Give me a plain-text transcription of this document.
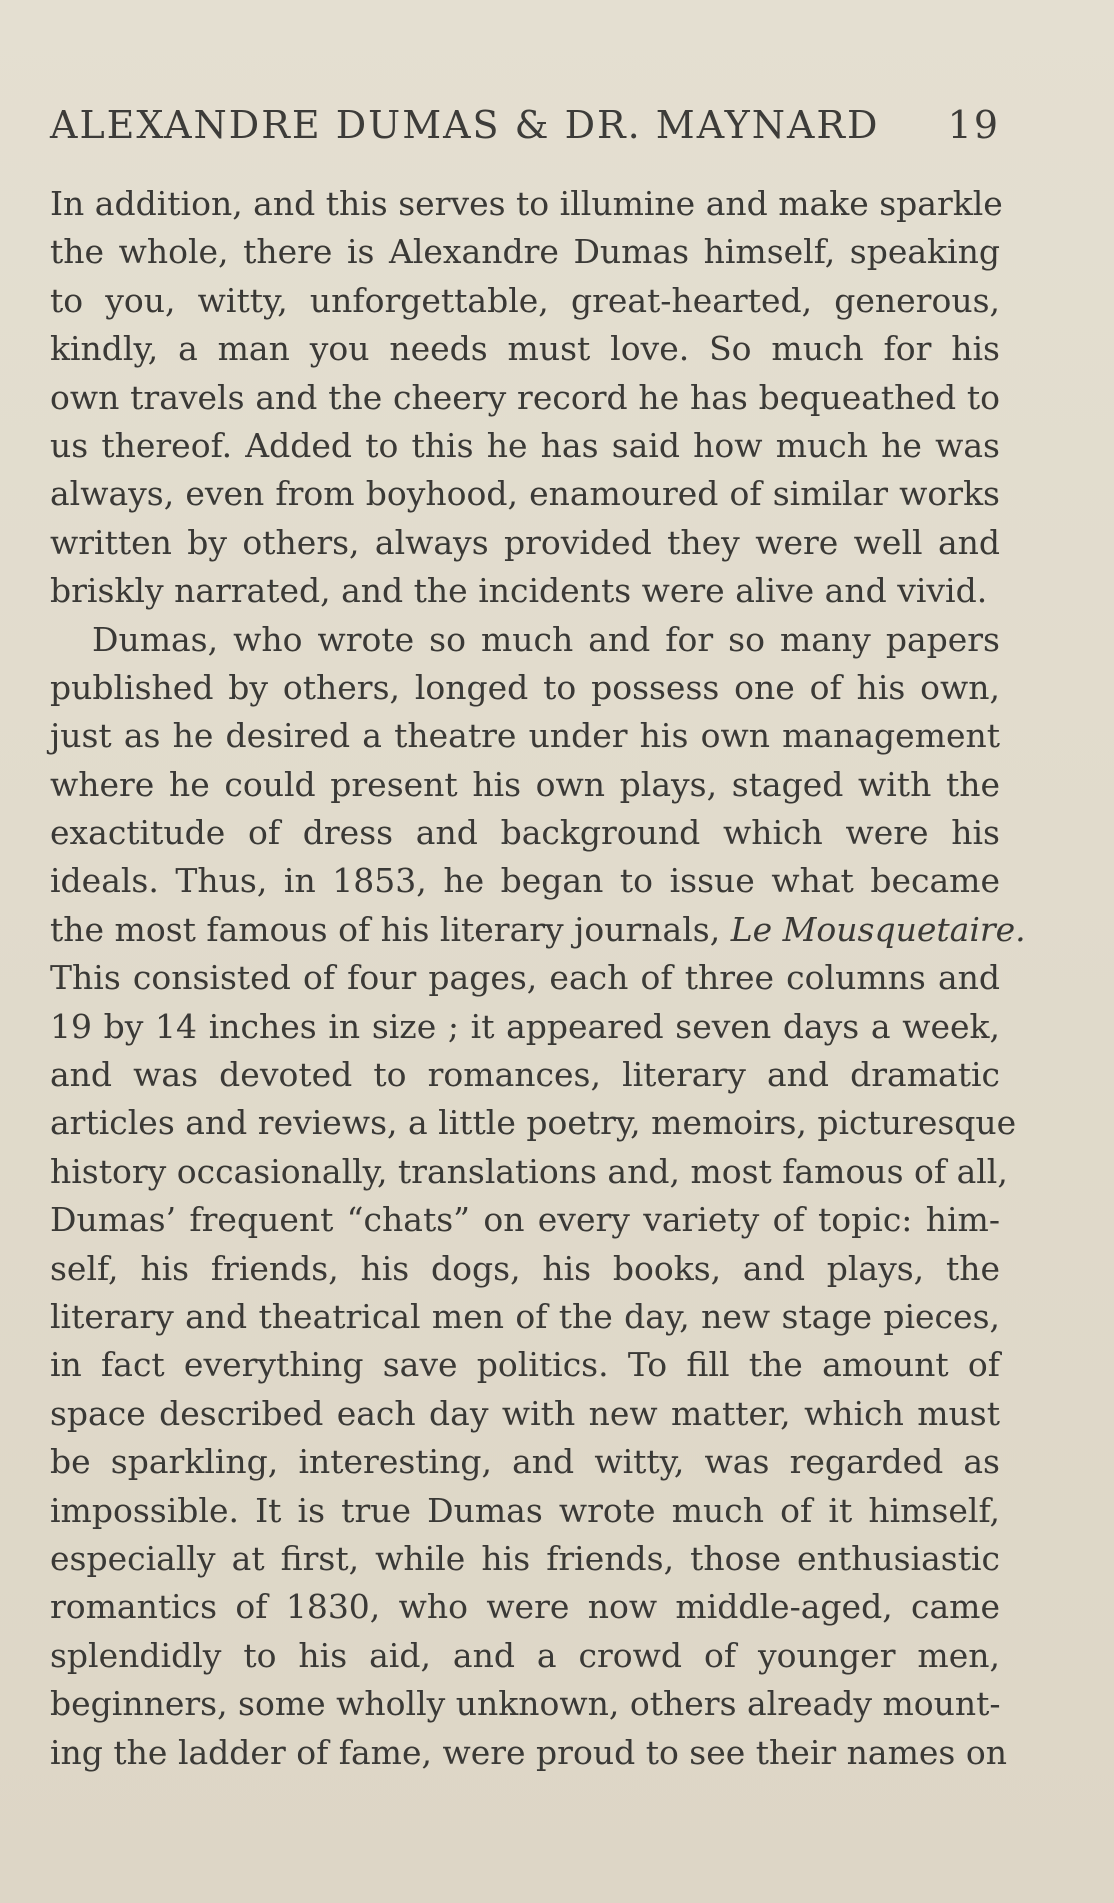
ALEXANDRE DUMAS & DR. MAYNARD 19
In addition, and this serves to illumine and make sparkle
the whole, there is Alexandre Dumas himself, speaking
to you, witty, unforgettable, great-hearted, generous,
kindly, a man you needs must love. So much for his
own travels and the cheery record he has bequeathed to
us thereof. Added to this he has said how much he was
always, even from boyhood, enamoured of similar works
written by others, always provided they were well and
briskly narrated, and the incidents were alive and vivid.
Dumas, who wrote so much and for so many papers
published by others, longed to possess one of his own,
just as he desired a theatre under his own management
where he could present his own plays, staged with the
exactitude of dress and background which were his
ideals. Thus, in 1853, he began to issue what became
the most famous of his literary journals, Le Mousquetaire.
This consisted of four pages, each of three columns and
19 by 14 inches in size ; it appeared seven days a week,
and was devoted to romances, literary and dramatic
articles and reviews, a little poetry, memoirs, picturesque
history occasionally, translations and, most famous of all,
Dumas’ frequent “chats” on every variety of topic: him-
self, his friends, his dogs, his books, and plays, the
literary and theatrical men of the day, new stage pieces,
in fact everything save politics. To fill the amount of
space described each day with new matter, which must
be sparkling, interesting, and witty, was regarded as
impossible. It is true Dumas wrote much of it himself,
especially at first, while his friends, those enthusiastic
romantics of 1830, who were now middle-aged, came
splendidly to his aid, and a crowd of younger men,
beginners, some wholly unknown, others already mount-
ing the ladder of fame, were proud to see their names on
